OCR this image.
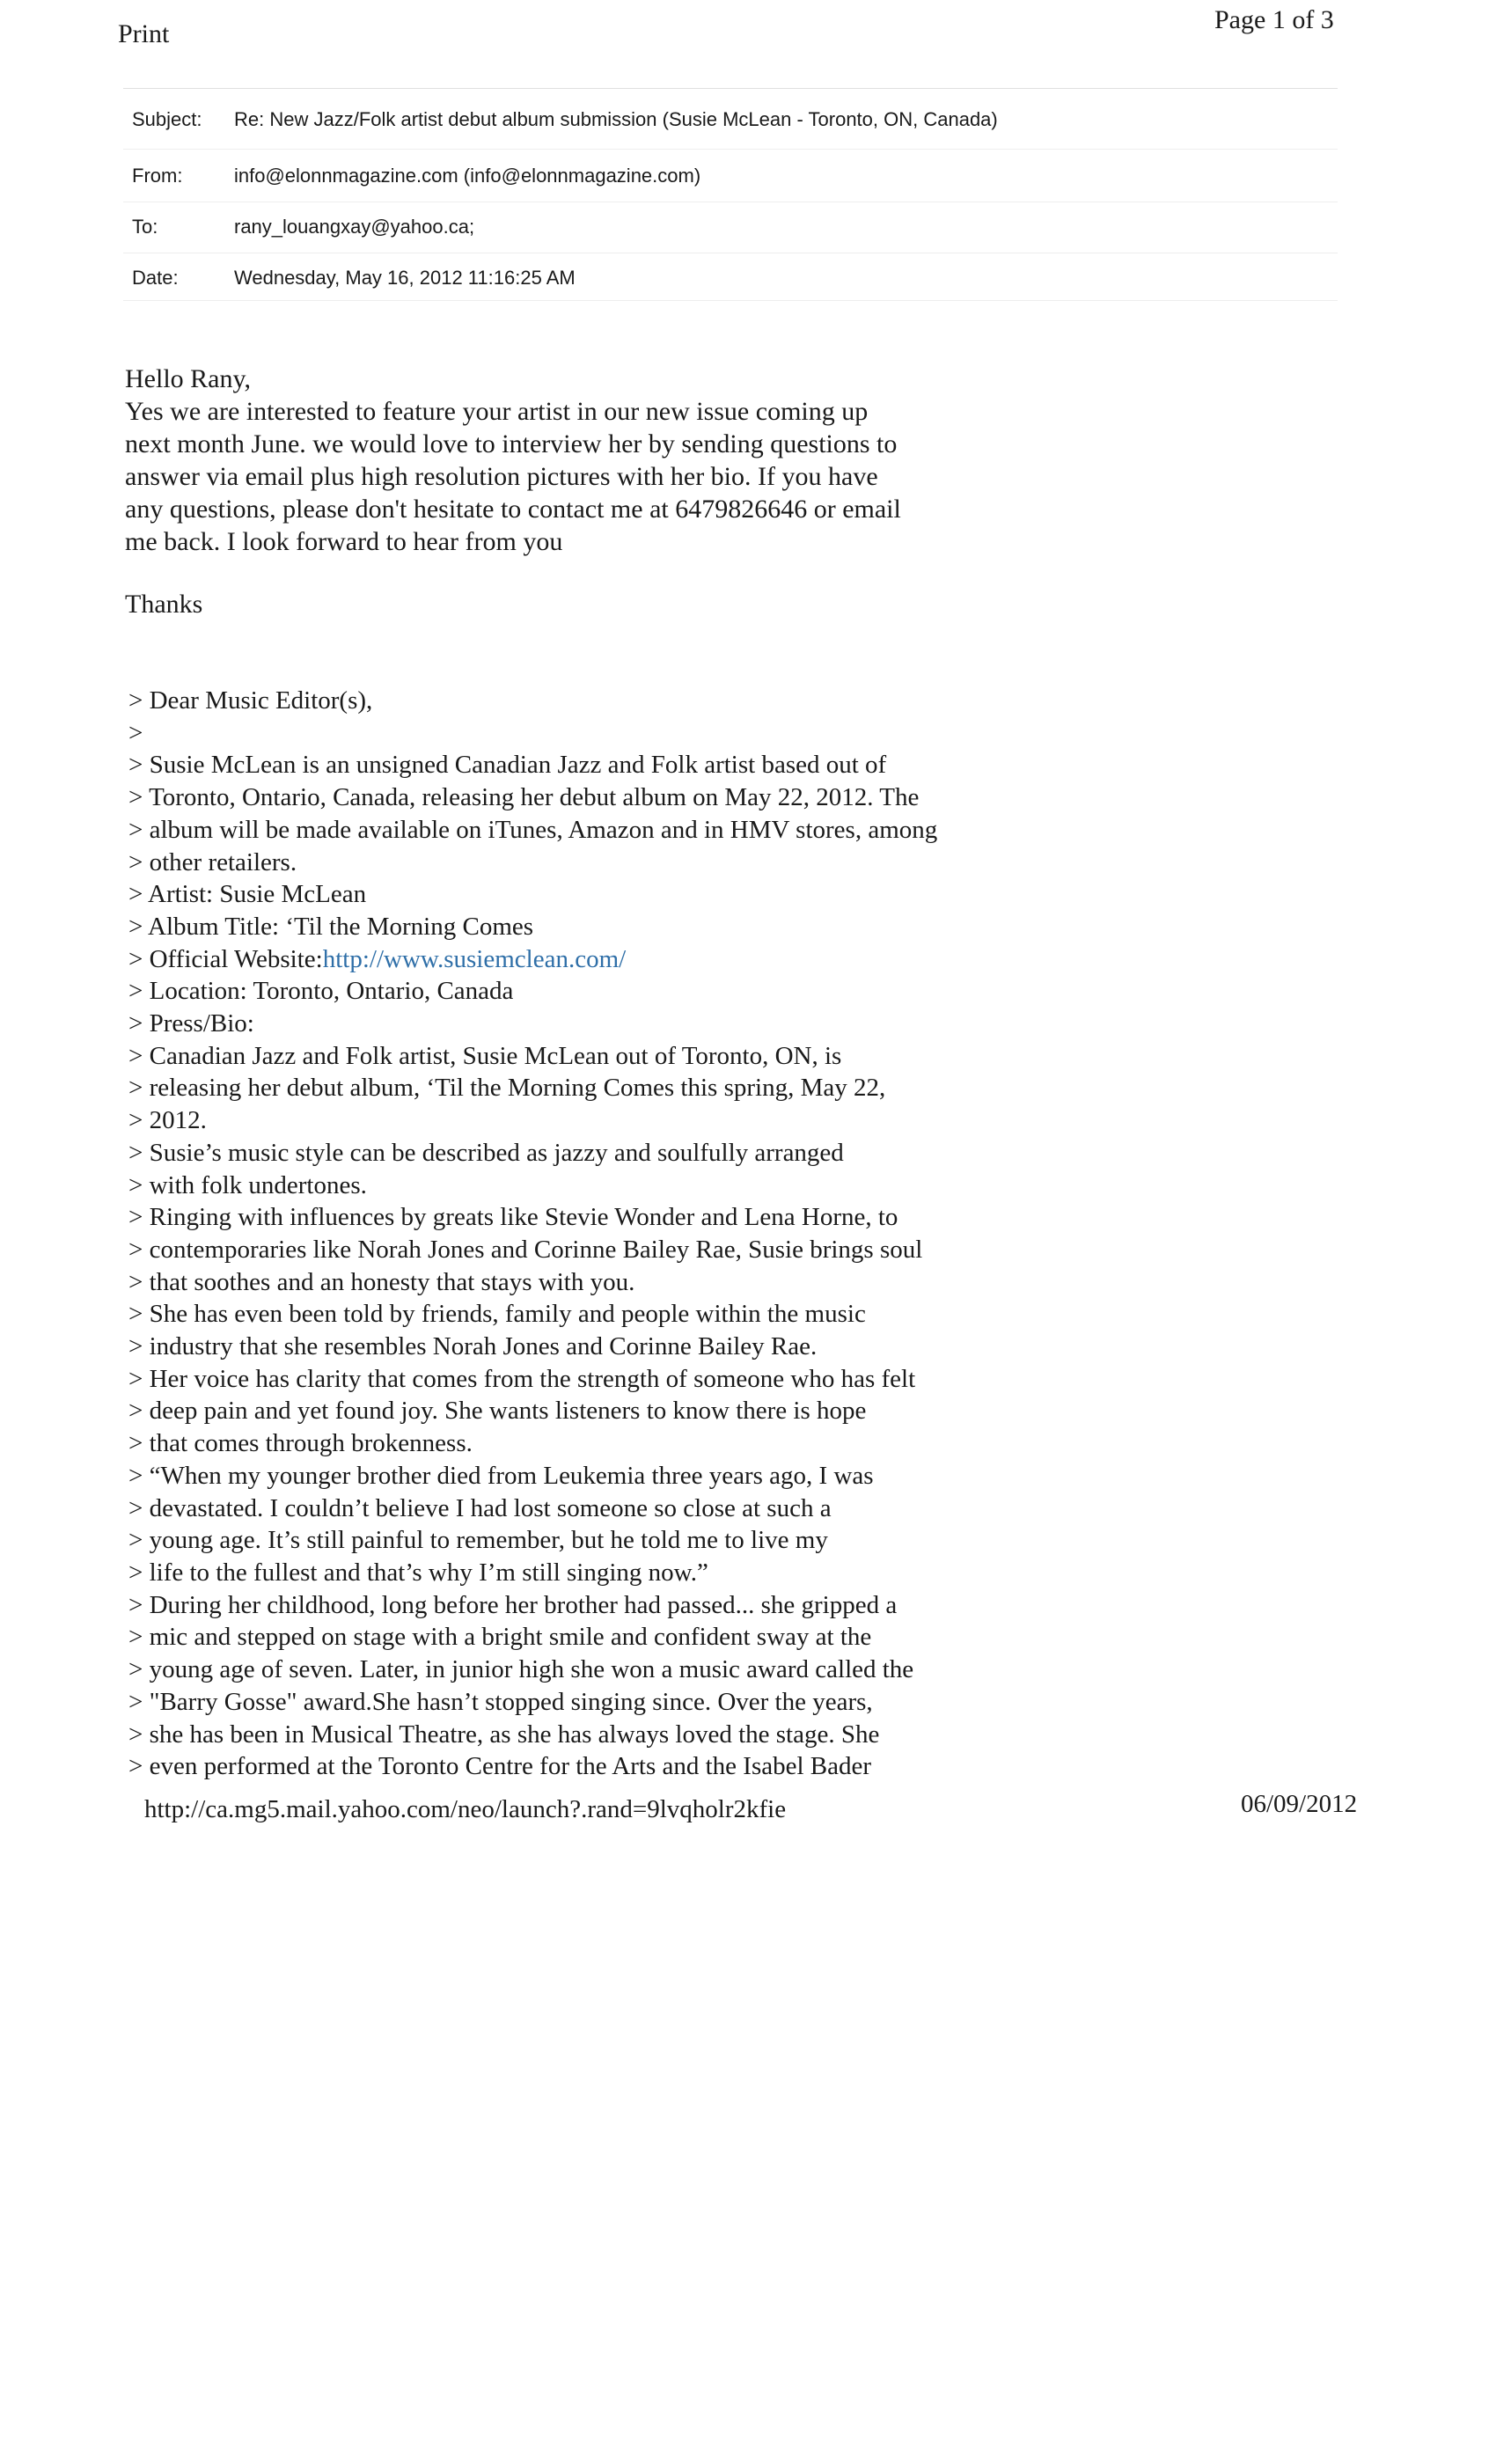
Print	Page 1 of 3
Subject: Re: New Jazz/Folk artist debut album submission (Susie McLean - Toronto, ON, Canada)
From:	info@elonnmagazine.com (info@elonnmagazine.com)
To:	rany_louangxay@yahoo.ca;
Date:	Wednesday, May 16, 2012 11:16:25 AM

Hello Rany,

Yes we are interested to feature your artist in our new issue coming up

next month June. we would love to interview her by sending questions to

answer via email plus high resolution pictures with her bio. If you have

any questions, please don't hesitate to contact me at 6479826646 or email

me back. I look forward to hear from you

Thanks

> Dear Music Editor(s),
>
> Susie McLean is an unsigned Canadian Jazz and Folk artist based out of
> Toronto, Ontario, Canada, releasing her debut album on May 22, 2012. The
> album will be made available on iTunes, Amazon and in HMV stores, among
> other retailers.
> Artist: Susie McLean
> Album Title: ‘Til the Morning Comes
> Official Website:http://www.susiemclean.com/
> Location: Toronto, Ontario, Canada
> Press/Bio:
> Canadian Jazz and Folk artist, Susie McLean out of Toronto, ON, is
> releasing her debut album, ‘Til the Morning Comes this spring, May 22,
> 2012.
> Susie’s music style can be described as jazzy and soulfully arranged
> with folk undertones.
> Ringing with influences by greats like Stevie Wonder and Lena Horne, to
> contemporaries like Norah Jones and Corinne Bailey Rae, Susie brings soul
> that soothes and an honesty that stays with you.
> She has even been told by friends, family and people within the music
> industry that she resembles Norah Jones and Corinne Bailey Rae.
> Her voice has clarity that comes from the strength of someone who has felt
> deep pain and yet found joy. She wants listeners to know there is hope
> that comes through brokenness.
> “When my younger brother died from Leukemia three years ago, I was
> devastated. I couldn’t believe I had lost someone so close at such a
> young age. It’s still painful to remember, but he told me to live my
> life to the fullest and that’s why I’m still singing now.”
> During her childhood, long before her brother had passed... she gripped a
> mic and stepped on stage with a bright smile and confident sway at the
> young age of seven. Later, in junior high she won a music award called the
> "Barry Gosse" award.She hasn’t stopped singing since. Over the years,
> she has been in Musical Theatre, as she has always loved the stage. She
> even performed at the Toronto Centre for the Arts and the Isabel Bader
http://ca.mg5.mail.yahoo.com/neo/launch?.rand=9lvqholr2kfie	06/09/2012
